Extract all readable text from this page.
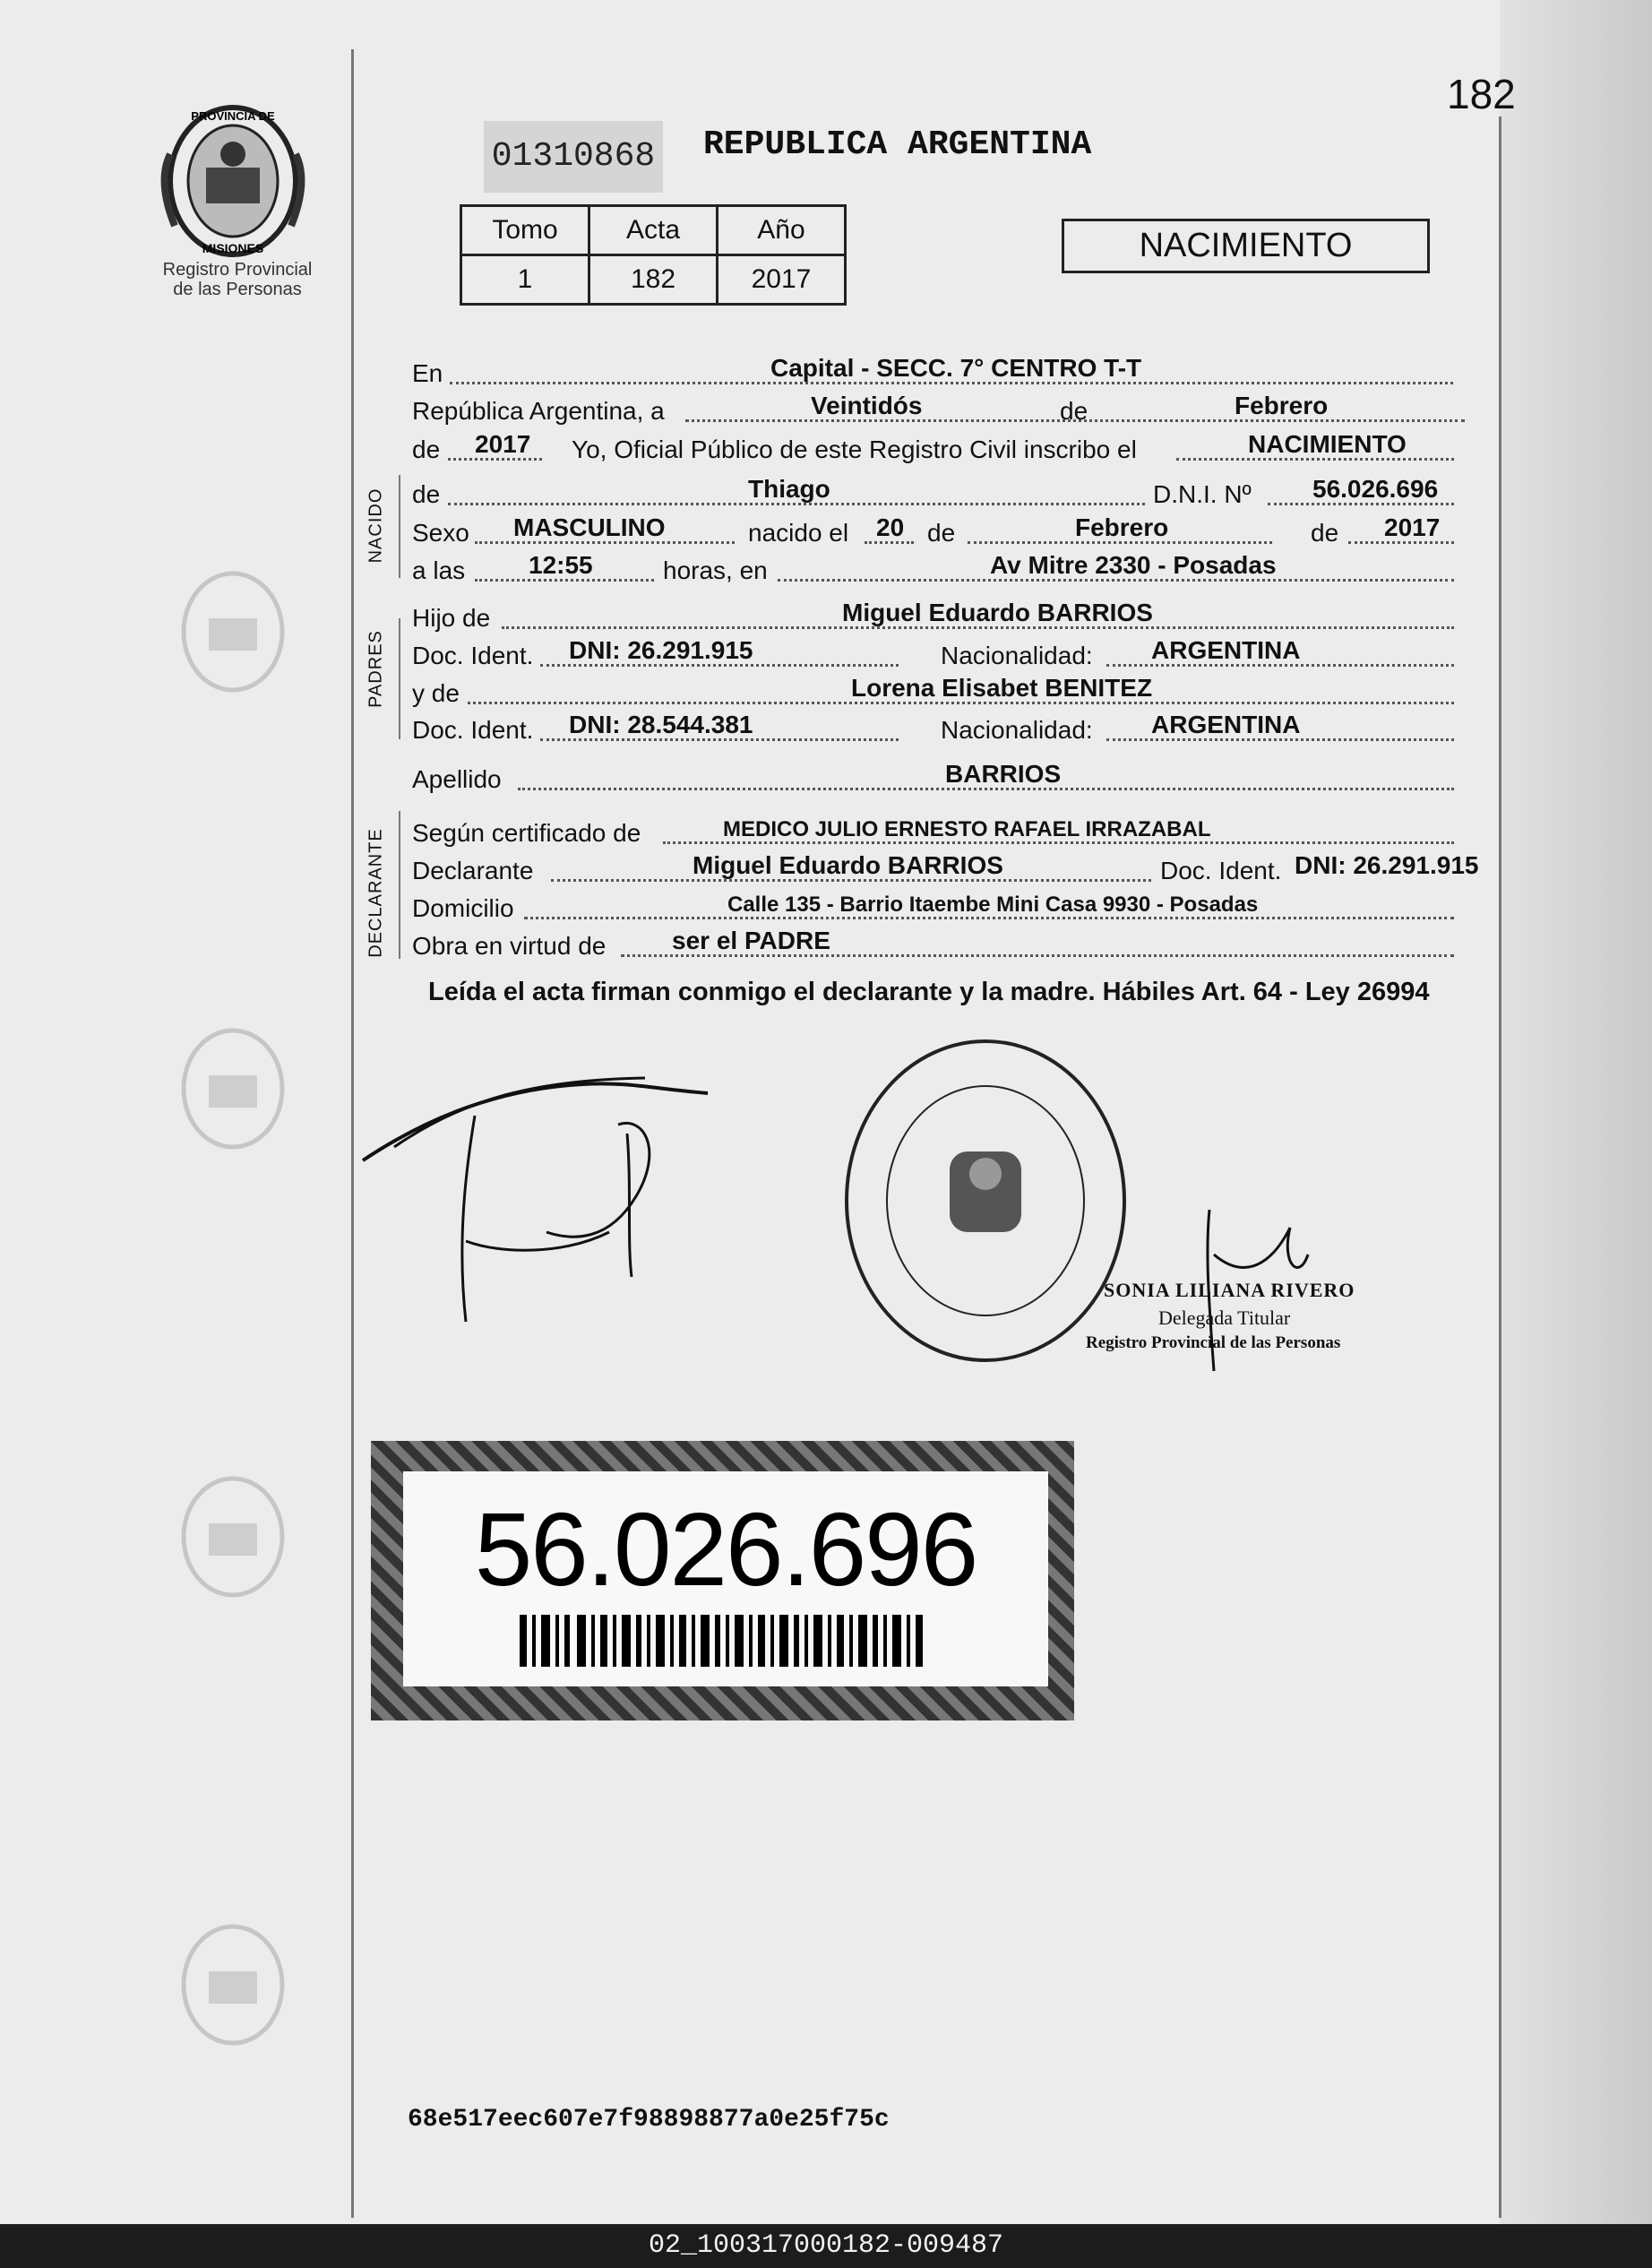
182
PROVINCIA DE
MISIONES
Registro Provincial
de las Personas
01310868 REPUBLICA ARGENTINA
Tomo	Acta	Año
1	182	2017
NACIMIENTO
NACIDO
PADRES
DECLARANTE
En	Capital - SECC. 7° CENTRO T-T
República Argentina, a	Veintidós	de	Febrero
de 2017 Yo, Oficial Público de este Registro Civil inscribo el	NACIMIENTO
de	Thiago	D.N.I. Nº 56.026.696
Sexo MASCULINO	nacido el 20 de	Febrero	de 2017
a las	12:55	horas, en	Av Mitre 2330 - Posadas
Hijo de	Miguel Eduardo BARRIOS
Doc. Ident. DNI: 26.291.915	Nacionalidad: ARGENTINA
y de	Lorena Elisabet BENITEZ
Doc. Ident. DNI: 28.544.381	Nacionalidad: ARGENTINA
Apellido	BARRIOS
Según certificado de	MEDICO JULIO ERNESTO RAFAEL IRRAZABAL
Declarante	Miguel Eduardo BARRIOS	Doc. Ident. DNI: 26.291.915
Domicilio	Calle 135 - Barrio Itaembe Mini Casa 9930 - Posadas
Obra en virtud de	ser el PADRE
Leída el acta firman conmigo el declarante y la madre. Hábiles Art. 64 - Ley 26994
SONIA LILIANA RIVERO
Delegada Titular
Registro Provincial de las Personas
56.026.696
68e517eec607e7f98898877a0e25f75c
02_100317000182-009487
